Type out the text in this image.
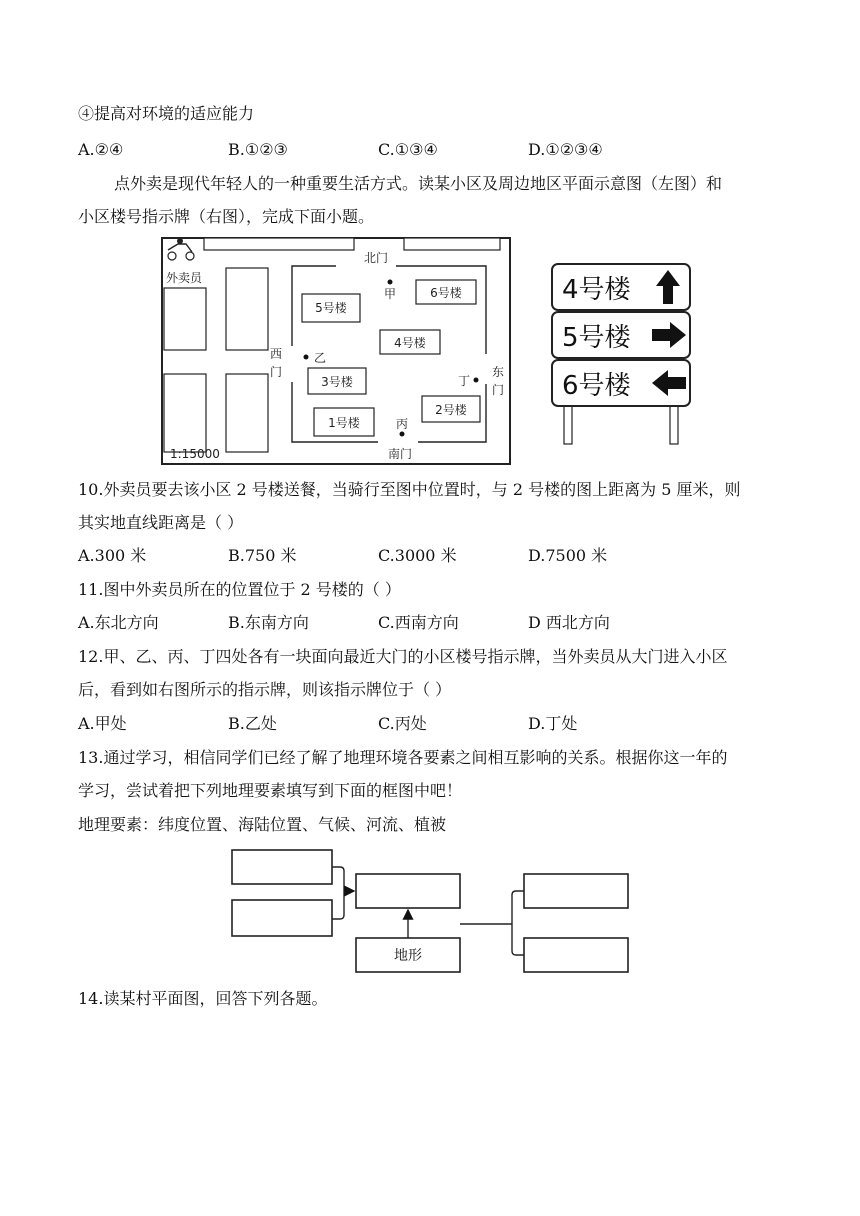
④提高对环境的适应能力
A.②④	B.①②③	C.①③④	D.①②③④
点外卖是现代年轻人的一种重要生活方式。读某小区及周边地区平面示意图（左图）和
小区楼号指示牌（右图），完成下面小题。
外卖员
北门
南门
西
门	东
门
甲
乙
丙
丁
5号楼
6号楼
4号楼
3号楼
2号楼
1号楼
1:15000
4号楼
5号楼
6号楼
10.外卖员要去该小区 2 号楼送餐，当骑行至图中位置时，与 2 号楼的图上距离为 5 厘米，则
其实地直线距离是（ ）
A.300 米	B.750 米	C.3000 米	D.7500 米
11.图中外卖员所在的位置位于 2 号楼的（ ）
A.东北方向	B.东南方向	C.西南方向	D 西北方向
12.甲、乙、丙、丁四处各有一块面向最近大门的小区楼号指示牌，当外卖员从大门进入小区
后，看到如右图所示的指示牌，则该指示牌位于（ ）
A.甲处	B.乙处	C.丙处	D.丁处
13.通过学习，相信同学们已经了解了地理环境各要素之间相互影响的关系。根据你这一年的
学习，尝试着把下列地理要素填写到下面的框图中吧！
地理要素：纬度位置、海陆位置、气候、河流、植被
地形
14.读某村平面图，回答下列各题。
